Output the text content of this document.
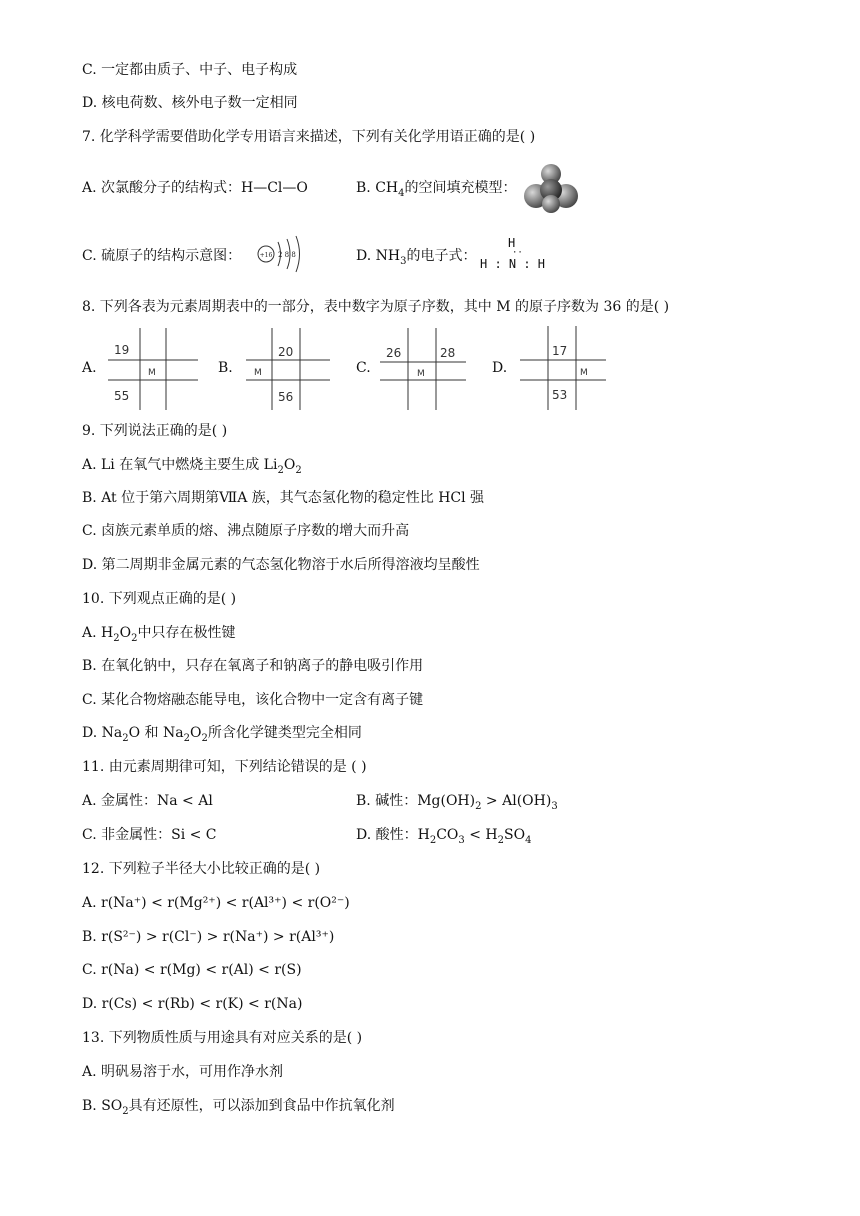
C. 一定都由质子、中子、电子构成
D. 核电荷数、核外电子数一定相同
7. 化学科学需要借助化学专用语言来描述，下列有关化学用语正确的是( )
A. 次氯酸分子的结构式：H—Cl—O	B. $CH_4$的空间填充模型：
C. 硫原子的结构示意图：	+16 2 8 8	D. $NH_3$的电子式：
H
··
H : N : H
8. 下列各表为元素周期表中的一部分，表中数字为原子序数，其中 M 的原子序数为 36 的是( )
A.
19
M
55
B.
20
M
56
C.
26	28
M	D.
17
M
53
9. 下列说法正确的是( )
A. Li 在氧气中燃烧主要生成 $Li_2O_2$
B. At 位于第六周期第ⅦA 族，其气态氢化物的稳定性比 HCl 强
C. 卤族元素单质的熔、沸点随原子序数的增大而升高
D. 第二周期非金属元素的气态氢化物溶于水后所得溶液均呈酸性
10. 下列观点正确的是( )
A. $H_2O_2$中只存在极性键
B. 在氧化钠中，只存在氧离子和钠离子的静电吸引作用
C. 某化合物熔融态能导电，该化合物中一定含有离子键
D. $Na_2O$ 和 $Na_2O_2$所含化学键类型完全相同
11. 由元素周期律可知，下列结论错误的是 ( )
A. 金属性：Na < Al	B. 碱性：$Mg(OH)_2 > Al(OH)_3$
C. 非金属性：Si < C	D. 酸性：$H_2CO_3 < H_2SO_4$
12. 下列粒子半径大小比较正确的是( )
A. r(Na⁺) < r(Mg²⁺) < r(Al³⁺) < r(O²⁻)
B. r(S²⁻) > r(Cl⁻) > r(Na⁺) > r(Al³⁺)
C. r(Na) < r(Mg) < r(Al) < r(S)
D. r(Cs) < r(Rb) < r(K) < r(Na)
13. 下列物质性质与用途具有对应关系的是( )
A. 明矾易溶于水，可用作净水剂
B. $SO_2$具有还原性，可以添加到食品中作抗氧化剂
